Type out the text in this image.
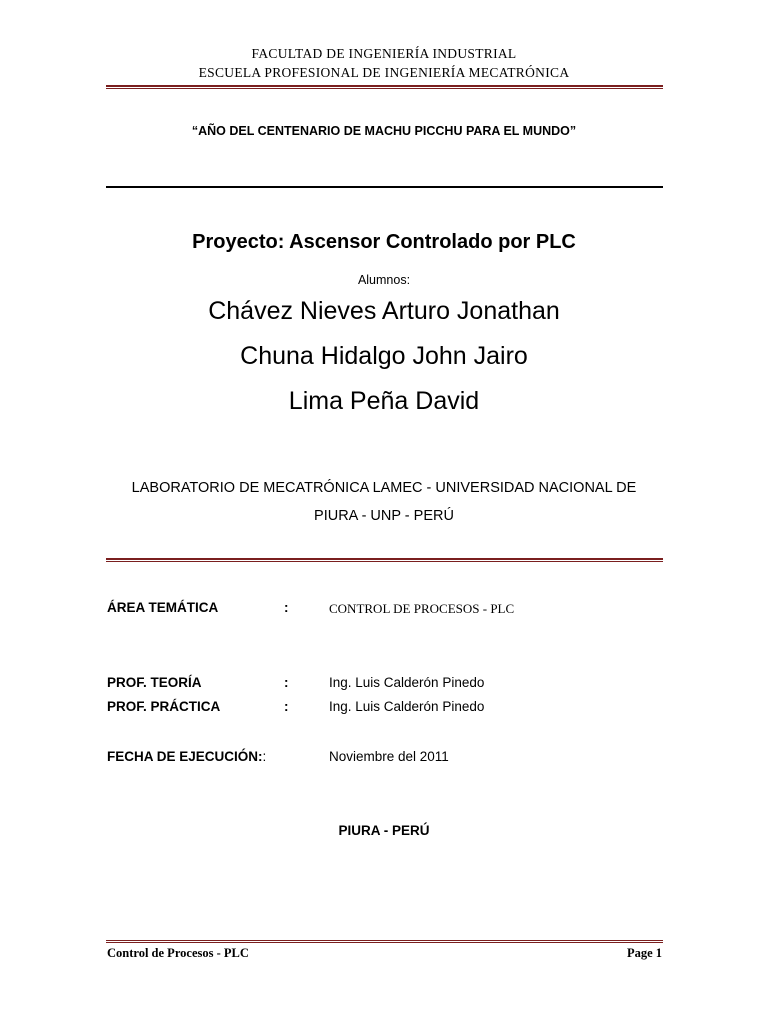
FACULTAD DE INGENIERÍA INDUSTRIAL
ESCUELA PROFESIONAL DE INGENIERÍA MECATRÓNICA
“AÑO DEL CENTENARIO DE MACHU PICCHU PARA EL MUNDO”
Proyecto: Ascensor Controlado por PLC
Alumnos:
Chávez Nieves Arturo Jonathan
Chuna Hidalgo John Jairo
Lima Peña David
LABORATORIO DE MECATRÓNICA LAMEC - UNIVERSIDAD NACIONAL DE
PIURA - UNP - PERÚ
ÁREA TEMÁTICA	:	CONTROL DE PROCESOS - PLC
PROF. TEORÍA	:	Ing. Luis Calderón Pinedo
PROF. PRÁCTICA	:	Ing. Luis Calderón Pinedo
FECHA DE EJECUCIÓN::	Noviembre del 2011
PIURA - PERÚ
Control de Procesos - PLC	Page 1
